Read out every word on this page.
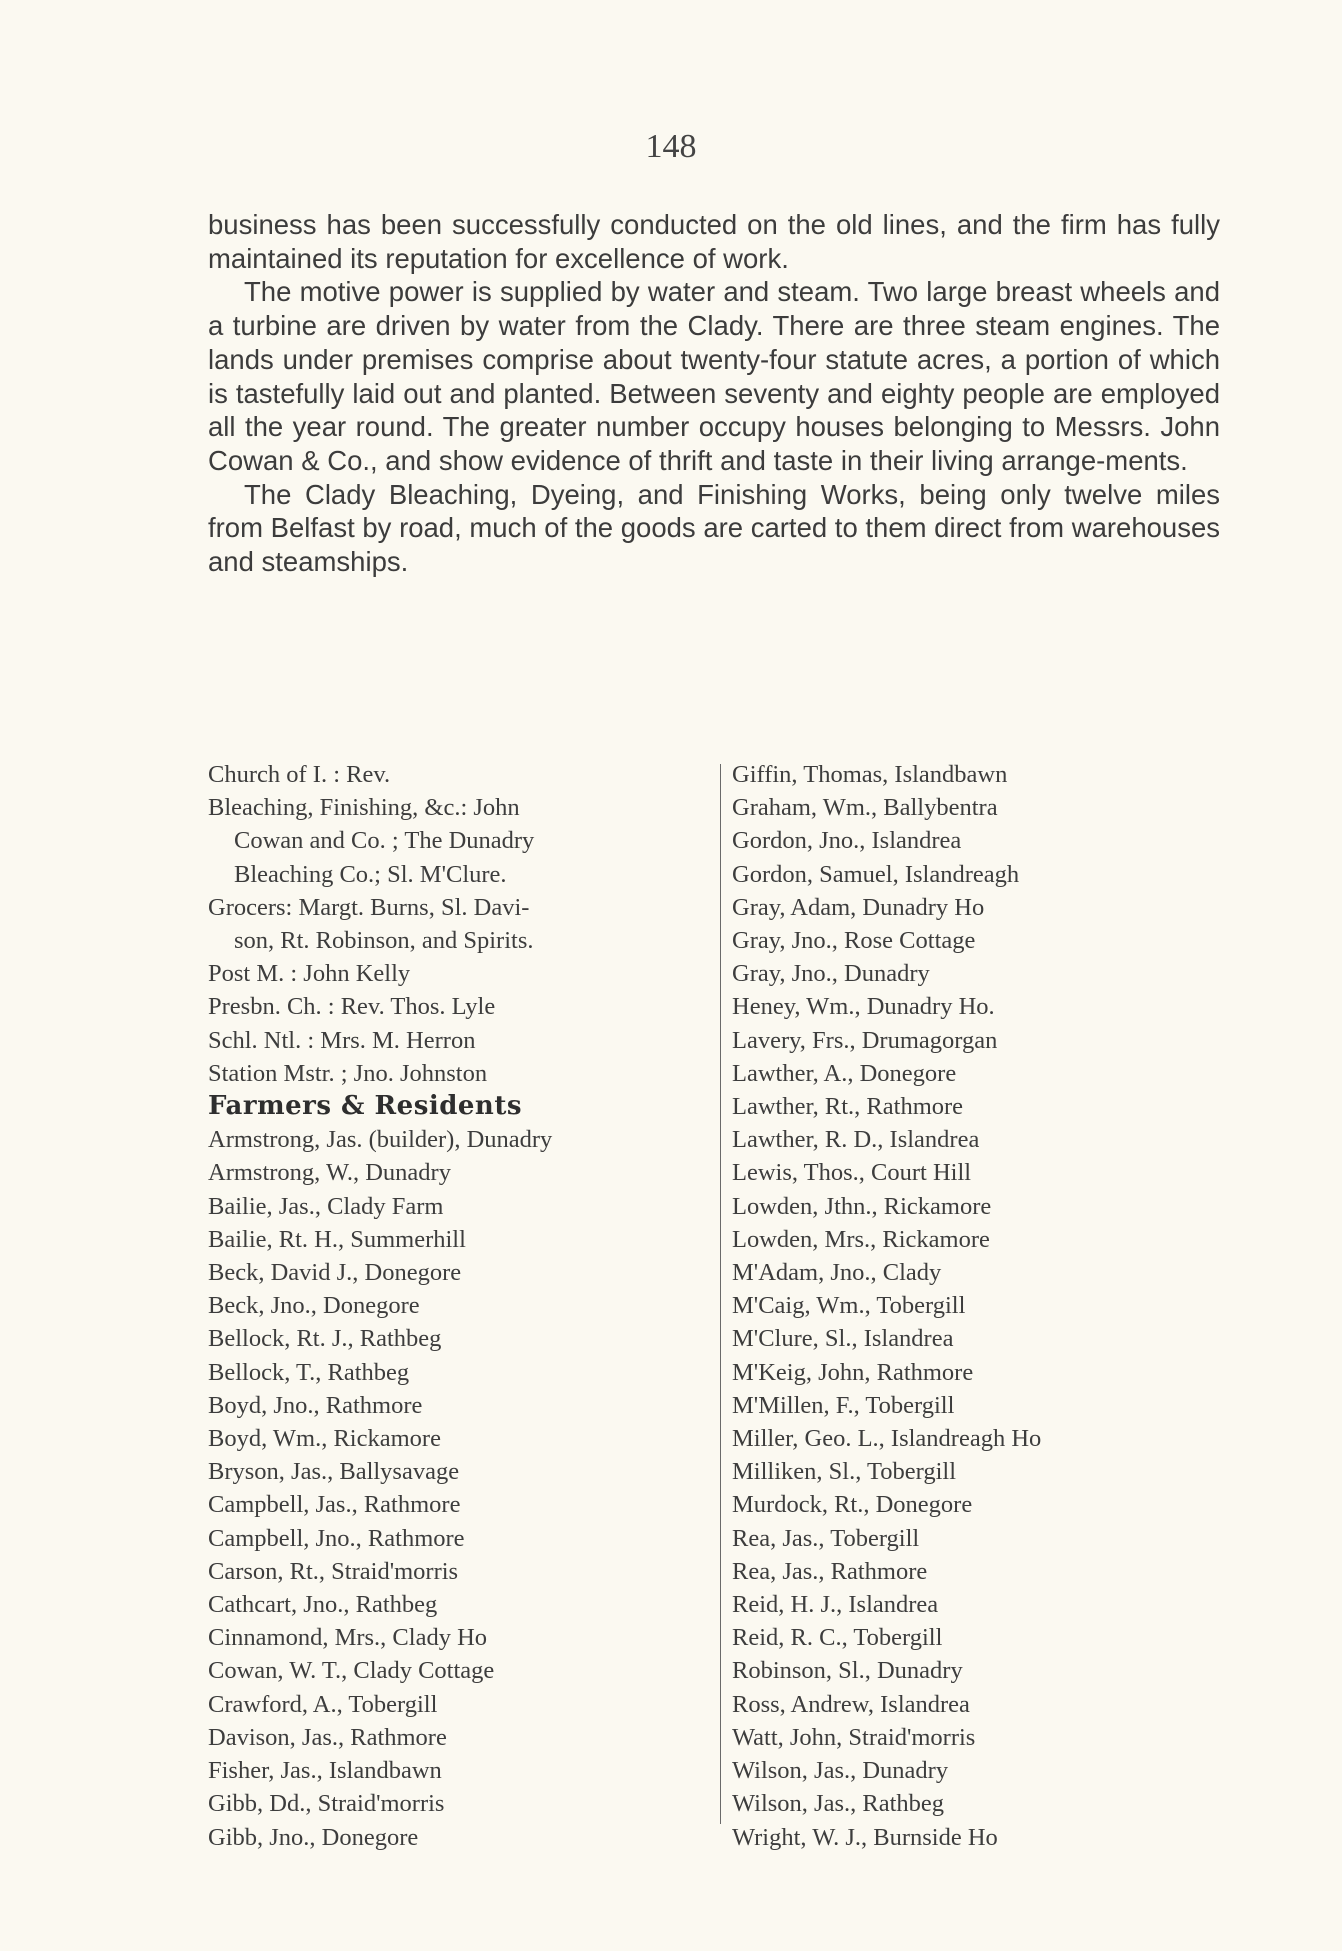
148

business has been successfully conducted on the old lines, and the firm has fully maintained its reputation for excellence of work.

The motive power is supplied by water and steam. Two large breast wheels and a turbine are driven by water from the Clady. There are three steam engines. The lands under premises comprise about twenty-four statute acres, a portion of which is tastefully laid out and planted. Between seventy and eighty people are employed all the year round. The greater number occupy houses belonging to Messrs. John Cowan & Co., and show evidence of thrift and taste in their living arrange-ments.

The Clady Bleaching, Dyeing, and Finishing Works, being only twelve miles from Belfast by road, much of the goods are carted to them direct from warehouses and steamships.

Church of I. : Rev.
Bleaching, Finishing, &c.: John
Cowan and Co. ; The Dunadry
Bleaching Co.; Sl. M'Clure.
Grocers: Margt. Burns, Sl. Davi-
son, Rt. Robinson, and Spirits.
Post M. : John Kelly
Presbn. Ch. : Rev. Thos. Lyle
Schl. Ntl. : Mrs. M. Herron
Station Mstr. ; Jno. Johnston
Farmers & Residents
Armstrong, Jas. (builder), Dunadry
Armstrong, W., Dunadry
Bailie, Jas., Clady Farm
Bailie, Rt. H., Summerhill
Beck, David J., Donegore
Beck, Jno., Donegore
Bellock, Rt. J., Rathbeg
Bellock, T., Rathbeg
Boyd, Jno., Rathmore
Boyd, Wm., Rickamore
Bryson, Jas., Ballysavage
Campbell, Jas., Rathmore
Campbell, Jno., Rathmore
Carson, Rt., Straid'morris
Cathcart, Jno., Rathbeg
Cinnamond, Mrs., Clady Ho
Cowan, W. T., Clady Cottage
Crawford, A., Tobergill
Davison, Jas., Rathmore
Fisher, Jas., Islandbawn
Gibb, Dd., Straid'morris
Gibb, Jno., Donegore
Giffin, Thomas, Islandbawn
Graham, Wm., Ballybentra
Gordon, Jno., Islandrea
Gordon, Samuel, Islandreagh
Gray, Adam, Dunadry Ho
Gray, Jno., Rose Cottage
Gray, Jno., Dunadry
Heney, Wm., Dunadry Ho.
Lavery, Frs., Drumagorgan
Lawther, A., Donegore
Lawther, Rt., Rathmore
Lawther, R. D., Islandrea
Lewis, Thos., Court Hill
Lowden, Jthn., Rickamore
Lowden, Mrs., Rickamore
M'Adam, Jno., Clady
M'Caig, Wm., Tobergill
M'Clure, Sl., Islandrea
M'Keig, John, Rathmore
M'Millen, F., Tobergill
Miller, Geo. L., Islandreagh Ho
Milliken, Sl., Tobergill
Murdock, Rt., Donegore
Rea, Jas., Tobergill
Rea, Jas., Rathmore
Reid, H. J., Islandrea
Reid, R. C., Tobergill
Robinson, Sl., Dunadry
Ross, Andrew, Islandrea
Watt, John, Straid'morris
Wilson, Jas., Dunadry
Wilson, Jas., Rathbeg
Wright, W. J., Burnside Ho
